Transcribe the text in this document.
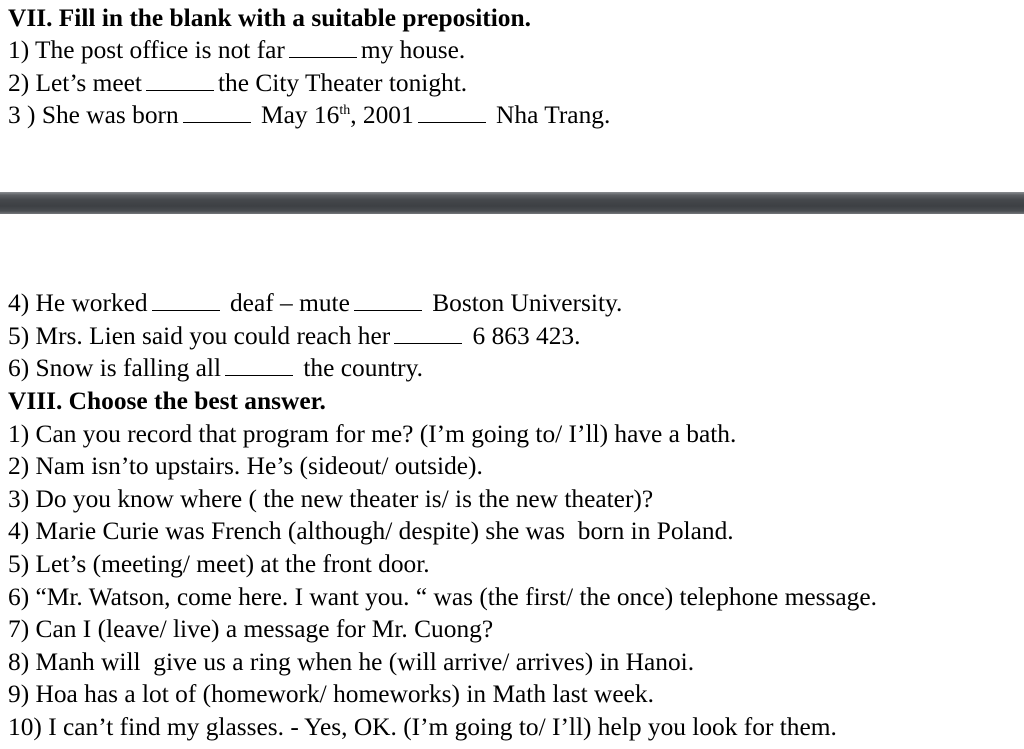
VII. Fill in the blank with a suitable preposition.
1) The post office is not far	my house.
2) Let’s meet	the City Theater tonight.
3 ) She was born	May 16th, 2001	Nha Trang.
4) He worked	deaf – mute	Boston University.
5) Mrs. Lien said you could reach her	6 863 423.
6) Snow is falling all	the country.
VIII. Choose the best answer.
1) Can you record that program for me? (I’m going to/ I’ll) have a bath.
2) Nam isn’to upstairs. He’s (sideout/ outside).
3) Do you know where ( the new theater is/ is the new theater)?
4) Marie Curie was French (although/ despite) she was  born in Poland.
5) Let’s (meeting/ meet) at the front door.
6) “Mr. Watson, come here. I want you. “ was (the first/ the once) telephone message.
7) Can I (leave/ live) a message for Mr. Cuong?
8) Manh will  give us a ring when he (will arrive/ arrives) in Hanoi.
9) Hoa has a lot of (homework/ homeworks) in Math last week.
10) I can’t find my glasses. - Yes, OK. (I’m going to/ I’ll) help you look for them.
